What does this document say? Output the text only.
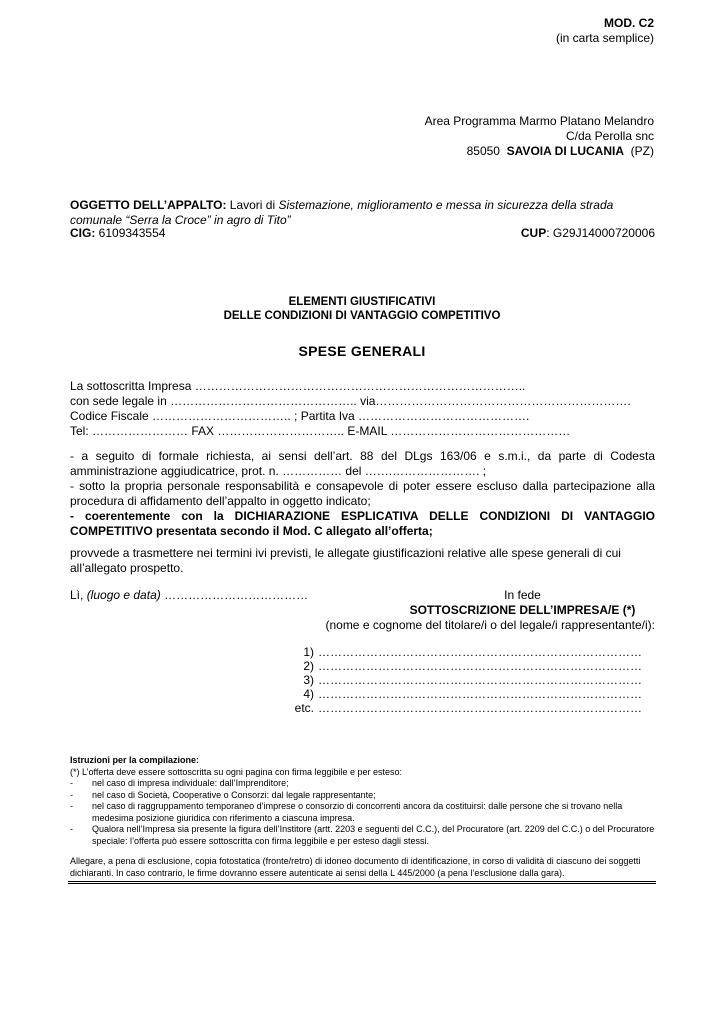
MOD. C2
(in carta semplice)
Area Programma Marmo Platano Melandro
C/da Perolla snc
85050 SAVOIA DI LUCANIA (PZ)
OGGETTO DELL’APPALTO: Lavori di Sistemazione, miglioramento e messa in sicurezza della strada comunale “Serra la Croce” in agro di Tito”
CIG: 6109343554	CUP: G29J14000720006
ELEMENTI GIUSTIFICATIVI
DELLE CONDIZIONI DI VANTAGGIO COMPETITIVO
SPESE GENERALI
La sottoscritta Impresa ………………………………………………………………………..
con sede legale in ……………………………………….. via……………………………………………………….
Codice Fiscale …………………………….. ; Partita Iva …………………………………….
Tel: …………………… FAX ………………………….. E-MAIL ………………………………………
- a seguito di formale richiesta, ai sensi dell’art. 88 del DLgs 163/06 e s.m.i., da parte di Codesta amministrazione aggiudicatrice, prot. n. …………… del …….…………………. ;
- sotto la propria personale responsabilità e consapevole di poter essere escluso dalla partecipazione alla procedura di affidamento dell’appalto in oggetto indicato;
- coerentemente con la DICHIARAZIONE ESPLICATIVA DELLE CONDIZIONI DI VANTAGGIO COMPETITIVO presentata secondo il Mod. C allegato all’offerta;
provvede a trasmettere nei termini ivi previsti, le allegate giustificazioni relative alle spese generali di cui all’allegato prospetto.
Lì, (luogo e data) ………………………………	In fede
SOTTOSCRIZIONE DELL’IMPRESA/E (*)
(nome e cognome del titolare/i o del legale/i rappresentante/i):
1) ………………………………………………………………………
2) ………………………………………………………………………
3) ………………………………………………………………………
4) ………………………………………………………………………
etc. ………………………………………………………………………
Istruzioni per la compilazione:
(*) L’offerta deve essere sottoscritta su ogni pagina con firma leggibile e per esteso:
-	nel caso di impresa individuale: dall’Imprenditore;
-	nel caso di Società, Cooperative o Consorzi: dal legale rappresentante;
-	nel caso di raggruppamento temporaneo d’imprese o consorzio di concorrenti ancora da costituirsi: dalle persone che si trovano nella medesima posizione giuridica con riferimento a ciascuna impresa.
-	Qualora nell’Impresa sia presente la figura dell’Institore (artt. 2203 e seguenti del C.C.), del Procuratore (art. 2209 del C.C.) o del Procuratore speciale: l’offerta può essere sottoscritta con firma leggibile e per esteso dagli stessi.
Allegare, a pena di esclusione, copia fotostatica (fronte/retro) di idoneo documento di identificazione, in corso di validità di ciascuno dei soggetti dichiaranti. In caso contrario, le firme dovranno essere autenticate ai sensi della L 445/2000 (a pena l’esclusione dalla gara).
